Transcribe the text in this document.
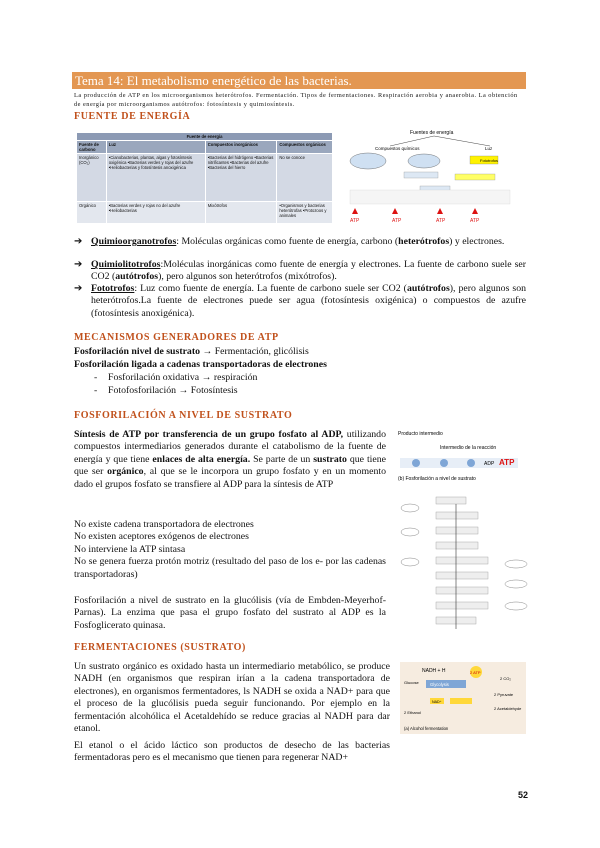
Tema 14: El metabolismo energético de las bacterias.
La producción de ATP en los microorganismos heterótrofos. Fermentación. Tipos de fermentaciones. Respiración aerobia y anaerobia. La obtención de energía por microorganismos autótrofos: fotosíntesis y quimiosíntesis.
FUENTE DE ENERGÍA
Fuente de energía			
Fuente de carbono	Luz	Compuestos inorgánicos	Compuestos orgánicos
Inorgánico (CO₂)	•Cianobacterias, plantas, algas y fotosíntesis oxigénica •Bacterias verdes y rojas del azufre •Heliobacterias y fotosíntesis anoxigénica	•Bacterias del hidrógeno •Bacterias nitrificantes •Bacterias del azufre •Bacterias del hierro	No se conoce
Orgánico	•Bacterias verdes y rojas no del azufre •Heliobacterias	Mixótrofos	•Organismos y bacterias heterótrofas •Protozoos y animales
Fuentes de energía
Compuestos químicos	Luz
Fototrofos
ATP	ATP	ATP	ATP
➔ Quimioorganotrofos: Moléculas orgánicas como fuente de energía, carbono (heterótrofos) y electrones.
➔ Quimiolitotrofos:Moléculas inorgánicas como fuente de energía y electrones. La fuente de carbono suele ser CO2 (autótrofos), pero algunos son heterótrofos (mixótrofos).
➔ Fototrofos: Luz como fuente de energía. La fuente de carbono suele ser CO2 (autótrofos), pero algunos son heterótrofos.La fuente de electrones puede ser agua (fotosíntesis oxigénica) o compuestos de azufre (fotosíntesis anoxigénica).
MECANISMOS GENERADORES DE ATP
Fosforilación nivel de sustrato → Fermentación, glicólisis
Fosforilación ligada a cadenas transportadoras de electrones
- Fosforilación oxidativa → respiración
- Fotofosforilación → Fotosíntesis
FOSFORILACIÓN A NIVEL DE SUSTRATO
Síntesis de ATP por transferencia de un grupo fosfato al ADP, utilizando compuestos intermediarios generados durante el catabolismo de la fuente de energía y que tiene enlaces de alta energía. Se parte de un sustrato que tiene que ser orgánico, al que se le incorpora un grupo fosfato y en un momento dado el grupos fosfato se transfiere al ADP para la síntesis de ATP
No existe cadena transportadora de electrones
No existen aceptores exógenos de electrones
No interviene la ATP sintasa
No se genera fuerza protón motriz (resultado del paso de los e- por las cadenas transportadoras)
Fosforilación a nivel de sustrato en la glucólisis (vía de Embden-Meyerhof-Parnas). La enzima que pasa el grupo fosfato del sustrato al ADP es la Fosfoglicerato quinasa.
Producto intermedio
Intermedio de la reacción
ADP ATP
(b) Fosforilación a nivel de sustrato
FERMENTACIONES (SUSTRATO)
Un sustrato orgánico es oxidado hasta un intermediario metabólico, se produce NADH (en organismos que respiran irían a la cadena transportadora de electrones), en organismos fermentadores, ls NADH se oxida a NAD+ para que el proceso de la glucólisis pueda seguir funcionando. Por ejemplo en la fermentación alcohólica el Acetaldehído se reduce gracias al NADH para dar etanol.
El etanol o el ácido láctico son productos de desecho de las bacterias fermentadoras pero es el mecanismo que tienen para regenerar NAD+
NADH + H	2 ATP
Glucose	Glycolysis
NAD⁺
2 Pyruvate
2 Acetaldehyde
2 Ethanol
2 CO₂
(a) Alcohol fermentation
52
